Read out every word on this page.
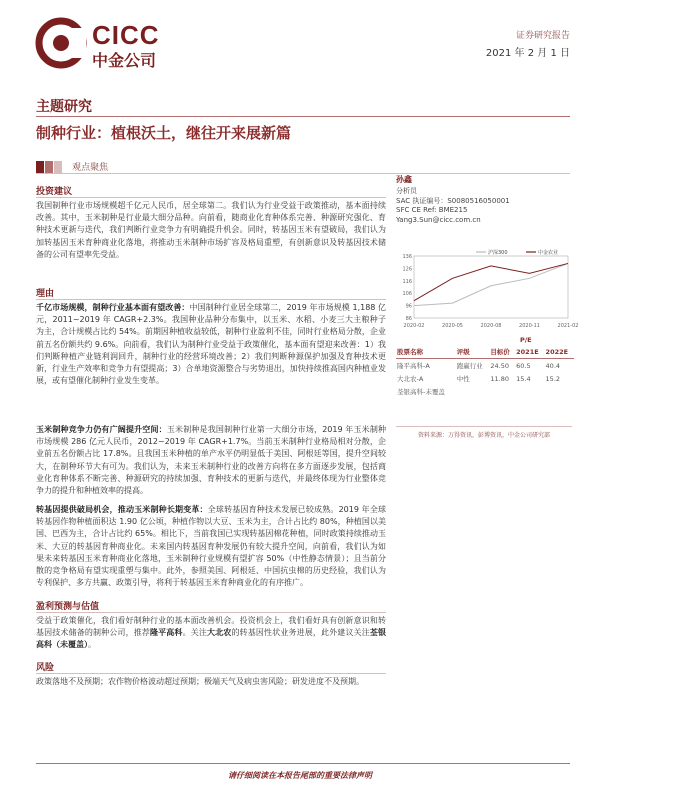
CICC
中金公司
证券研究报告
2021 年 2 月 1 日
主题研究
制种行业：植根沃土，继往开来展新篇
观点聚焦
投资建议
我国制种行业市场规模超千亿元人民币，居全球第二。我们认为行业受益于政策推动，基本面持续改善。其中，玉米制种是行业最大细分品种。向前看，随商业化育种体系完善、种源研究强化、育种技术更新与迭代，我们判断行业竞争力有明确提升机会。同时，转基因玉米有望破局，我们认为加转基因玉米育种商业化落地，将推动玉米制种市场扩容及格局重塑，有创新意识及转基因技术储备的公司有望率先受益。
理由
千亿市场规模，制种行业基本面有望改善：中国制种行业居全球第二，2019 年市场规模 1,188 亿元，2011~2019 年 CAGR+2.3%。我国种业品种分布集中，以玉米、水稻、小麦三大主粮种子为主，合计规模占比约 54%。前期因种植收益较低，制种行业盈利不佳，同时行业格局分散，企业前五名份额共约 9.6%。向前看，我们认为制种行业受益于政策催化，基本面有望迎来改善：1）我们判断种植产业链利润回升，制种行业的经营环境改善；2）我们判断种源保护加强及育种技术更新，行业生产效率和竞争力有望提高；3）合单地资源整合与劣势退出，加快持续推高国内种植业发展，或有望催化制种行业发生变革。
玉米制种竞争力仍有广阔提升空间：玉米制种是我国制种行业第一大细分市场，2019 年玉米制种市场规模 286 亿元人民币，2012~2019 年 CAGR+1.7%。当前玉米制种行业格局相对分散，企业前五名份额占比 17.8%。且我国玉米种植的单产水平仍明显低于美国、阿根廷等国，提升空间较大，在制种环节大有可为。我们认为，未来玉米制种行业的改善方向将在多方面逐步发展，包括商业化育种体系不断完善、种源研究的持续加强、育种技术的更新与迭代，并最终体现为行业整体竞争力的提升和种植效率的提高。
转基因提供破局机会，推动玉米制种长期变革：全球转基因育种技术发展已较成熟。2019 年全球转基因作物种植面积达 1.90 亿公顷，种植作物以大豆、玉米为主，合计占比约 80%，种植国以美国、巴西为主，合计占比约 65%。相比下，当前我国已实现转基因棉花种植，同时政策持续推动玉米、大豆的转基因育种商业化。未来国内转基因育种发展仍有较大提升空间，向前看，我们认为如果未来转基因玉米育种商业化落地，玉米制种行业规模有望扩容 50%（中性静态情景）；且当前分散的竞争格局有望实现重塑与集中。此外，参照美国、阿根廷、中国抗虫棉的历史经验，我们认为专利保护、多方共赢、政策引导，将利于转基因玉米育种商业化的有序推广。
盈利预测与估值
受益于政策催化，我们看好制种行业的基本面改善机会。投资机会上，我们看好具有创新意识和转基因技术储备的制种公司，推荐隆平高科。关注大北农的转基因性状业务进展，此外建议关注荃银高科（未覆盖）。
风险
政策落地不及预期；农作物价格波动超过预期；极端天气及病虫害风险；研发进度不及预期。
孙鑫
分析员
SAC 执证编号：S0080516050001
SFC CE Ref: BME215
Yang3.Sun@cicc.com.cn
136
126
116
106
96
86
2020-02	2020-05	2020-08	2020-11	2021-02
沪深300	中金农业
股票名称	评级	目标价	2021E	2022E
隆平高科-A	跑赢行业	24.50	60.5	40.4
大北农-A	中性	11.80	15.4	15.2
荃银高科-未覆盖				
P/E
资料来源：万得资讯，彭博资讯，中金公司研究部
请仔细阅读在本报告尾部的重要法律声明
